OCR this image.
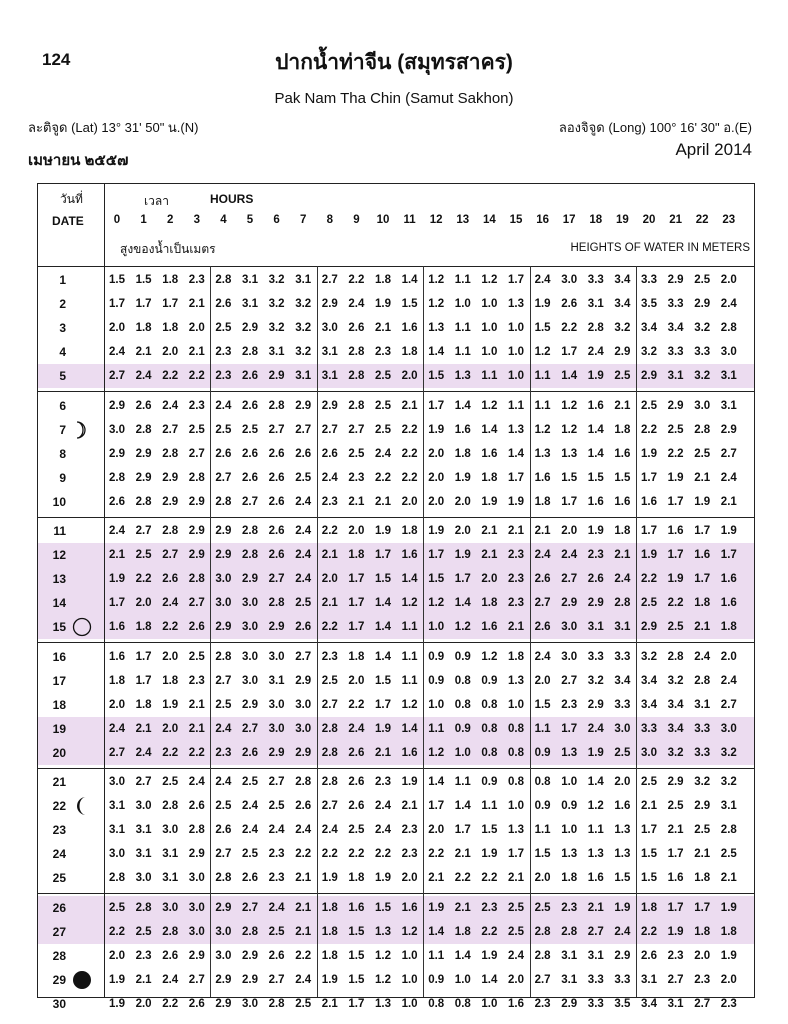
124	ปากน้ำท่าจีน (สมุทรสาคร)
Pak Nam Tha Chin (Samut Sakhon)
ละติจูด (Lat) 13° 31' 50" น.(N)	ลองจิจูด (Long) 100° 16' 30" อ.(E)
เมษายน ๒๕๕๗
April 2014
วันที่
DATE
เวลา	HOURS
สูงของน้ำเป็นเมตร	HEIGHTS OF WATER IN METERS
0	1	2	3	4	5	6	7	8	9	10	11	12	13	14	15	16	17	18	19	20	21	22	23
1	1.5 1.5 1.8 2.3 2.8 3.1 3.2 3.1 2.7 2.2 1.8 1.4 1.2 1.1 1.2 1.7 2.4 3.0 3.3 3.4 3.3 2.9 2.5 2.0
2	1.7 1.7 1.7 2.1 2.6 3.1 3.2 3.2 2.9 2.4 1.9 1.5 1.2 1.0 1.0 1.3 1.9 2.6 3.1 3.4 3.5 3.3 2.9 2.4
3	2.0 1.8 1.8 2.0 2.5 2.9 3.2 3.2 3.0 2.6 2.1 1.6 1.3 1.1 1.0 1.0 1.5 2.2 2.8 3.2 3.4 3.4 3.2 2.8
4	2.4 2.1 2.0 2.1 2.3 2.8 3.1 3.2 3.1 2.8 2.3 1.8 1.4 1.1 1.0 1.0 1.2 1.7 2.4 2.9 3.2 3.3 3.3 3.0
5	2.7 2.4 2.2 2.2 2.3 2.6 2.9 3.1 3.1 2.8 2.5 2.0 1.5 1.3 1.1 1.0 1.1 1.4 1.9 2.5 2.9 3.1 3.2 3.1
6	2.9 2.6 2.4 2.3 2.4 2.6 2.8 2.9 2.9 2.8 2.5 2.1 1.7 1.4 1.2 1.1 1.1 1.2 1.6 2.1 2.5 2.9 3.0 3.1
7	3.0 2.8 2.7 2.5 2.5 2.5 2.7 2.7 2.7 2.7 2.5 2.2 1.9 1.6 1.4 1.3 1.2 1.2 1.4 1.8 2.2 2.5 2.8 2.9
8	2.9 2.9 2.8 2.7 2.6 2.6 2.6 2.6 2.6 2.5 2.4 2.2 2.0 1.8 1.6 1.4 1.3 1.3 1.4 1.6 1.9 2.2 2.5 2.7
9	2.8 2.9 2.9 2.8 2.7 2.6 2.6 2.5 2.4 2.3 2.2 2.2 2.0 1.9 1.8 1.7 1.6 1.5 1.5 1.5 1.7 1.9 2.1 2.4
10	2.6 2.8 2.9 2.9 2.8 2.7 2.6 2.4 2.3 2.1 2.1 2.0 2.0 2.0 1.9 1.9 1.8 1.7 1.6 1.6 1.6 1.7 1.9 2.1
11	2.4 2.7 2.8 2.9 2.9 2.8 2.6 2.4 2.2 2.0 1.9 1.8 1.9 2.0 2.1 2.1 2.1 2.0 1.9 1.8 1.7 1.6 1.7 1.9
12	2.1 2.5 2.7 2.9 2.9 2.8 2.6 2.4 2.1 1.8 1.7 1.6 1.7 1.9 2.1 2.3 2.4 2.4 2.3 2.1 1.9 1.7 1.6 1.7
13	1.9 2.2 2.6 2.8 3.0 2.9 2.7 2.4 2.0 1.7 1.5 1.4 1.5 1.7 2.0 2.3 2.6 2.7 2.6 2.4 2.2 1.9 1.7 1.6
14	1.7 2.0 2.4 2.7 3.0 3.0 2.8 2.5 2.1 1.7 1.4 1.2 1.2 1.4 1.8 2.3 2.7 2.9 2.9 2.8 2.5 2.2 1.8 1.6
15	1.6 1.8 2.2 2.6 2.9 3.0 2.9 2.6 2.2 1.7 1.4 1.1 1.0 1.2 1.6 2.1 2.6 3.0 3.1 3.1 2.9 2.5 2.1 1.8
16	1.6 1.7 2.0 2.5 2.8 3.0 3.0 2.7 2.3 1.8 1.4 1.1 0.9 0.9 1.2 1.8 2.4 3.0 3.3 3.3 3.2 2.8 2.4 2.0
17	1.8 1.7 1.8 2.3 2.7 3.0 3.1 2.9 2.5 2.0 1.5 1.1 0.9 0.8 0.9 1.3 2.0 2.7 3.2 3.4 3.4 3.2 2.8 2.4
18	2.0 1.8 1.9 2.1 2.5 2.9 3.0 3.0 2.7 2.2 1.7 1.2 1.0 0.8 0.8 1.0 1.5 2.3 2.9 3.3 3.4 3.4 3.1 2.7
19	2.4 2.1 2.0 2.1 2.4 2.7 3.0 3.0 2.8 2.4 1.9 1.4 1.1 0.9 0.8 0.8 1.1 1.7 2.4 3.0 3.3 3.4 3.3 3.0
20	2.7 2.4 2.2 2.2 2.3 2.6 2.9 2.9 2.8 2.6 2.1 1.6 1.2 1.0 0.8 0.8 0.9 1.3 1.9 2.5 3.0 3.2 3.3 3.2
21	3.0 2.7 2.5 2.4 2.4 2.5 2.7 2.8 2.8 2.6 2.3 1.9 1.4 1.1 0.9 0.8 0.8 1.0 1.4 2.0 2.5 2.9 3.2 3.2
22	3.1 3.0 2.8 2.6 2.5 2.4 2.5 2.6 2.7 2.6 2.4 2.1 1.7 1.4 1.1 1.0 0.9 0.9 1.2 1.6 2.1 2.5 2.9 3.1
23	3.1 3.1 3.0 2.8 2.6 2.4 2.4 2.4 2.4 2.5 2.4 2.3 2.0 1.7 1.5 1.3 1.1 1.0 1.1 1.3 1.7 2.1 2.5 2.8
24	3.0 3.1 3.1 2.9 2.7 2.5 2.3 2.2 2.2 2.2 2.2 2.3 2.2 2.1 1.9 1.7 1.5 1.3 1.3 1.3 1.5 1.7 2.1 2.5
25	2.8 3.0 3.1 3.0 2.8 2.6 2.3 2.1 1.9 1.8 1.9 2.0 2.1 2.2 2.2 2.1 2.0 1.8 1.6 1.5 1.5 1.6 1.8 2.1
26	2.5 2.8 3.0 3.0 2.9 2.7 2.4 2.1 1.8 1.6 1.5 1.6 1.9 2.1 2.3 2.5 2.5 2.3 2.1 1.9 1.8 1.7 1.7 1.9
27	2.2 2.5 2.8 3.0 3.0 2.8 2.5 2.1 1.8 1.5 1.3 1.2 1.4 1.8 2.2 2.5 2.8 2.8 2.7 2.4 2.2 1.9 1.8 1.8
28	2.0 2.3 2.6 2.9 3.0 2.9 2.6 2.2 1.8 1.5 1.2 1.0 1.1 1.4 1.9 2.4 2.8 3.1 3.1 2.9 2.6 2.3 2.0 1.9
29	1.9 2.1 2.4 2.7 2.9 2.9 2.7 2.4 1.9 1.5 1.2 1.0 0.9 1.0 1.4 2.0 2.7 3.1 3.3 3.3 3.1 2.7 2.3 2.0
30	1.9 2.0 2.2 2.6 2.9 3.0 2.8 2.5 2.1 1.7 1.3 1.0 0.8 0.8 1.0 1.6 2.3 2.9 3.3 3.5 3.4 3.1 2.7 2.3
